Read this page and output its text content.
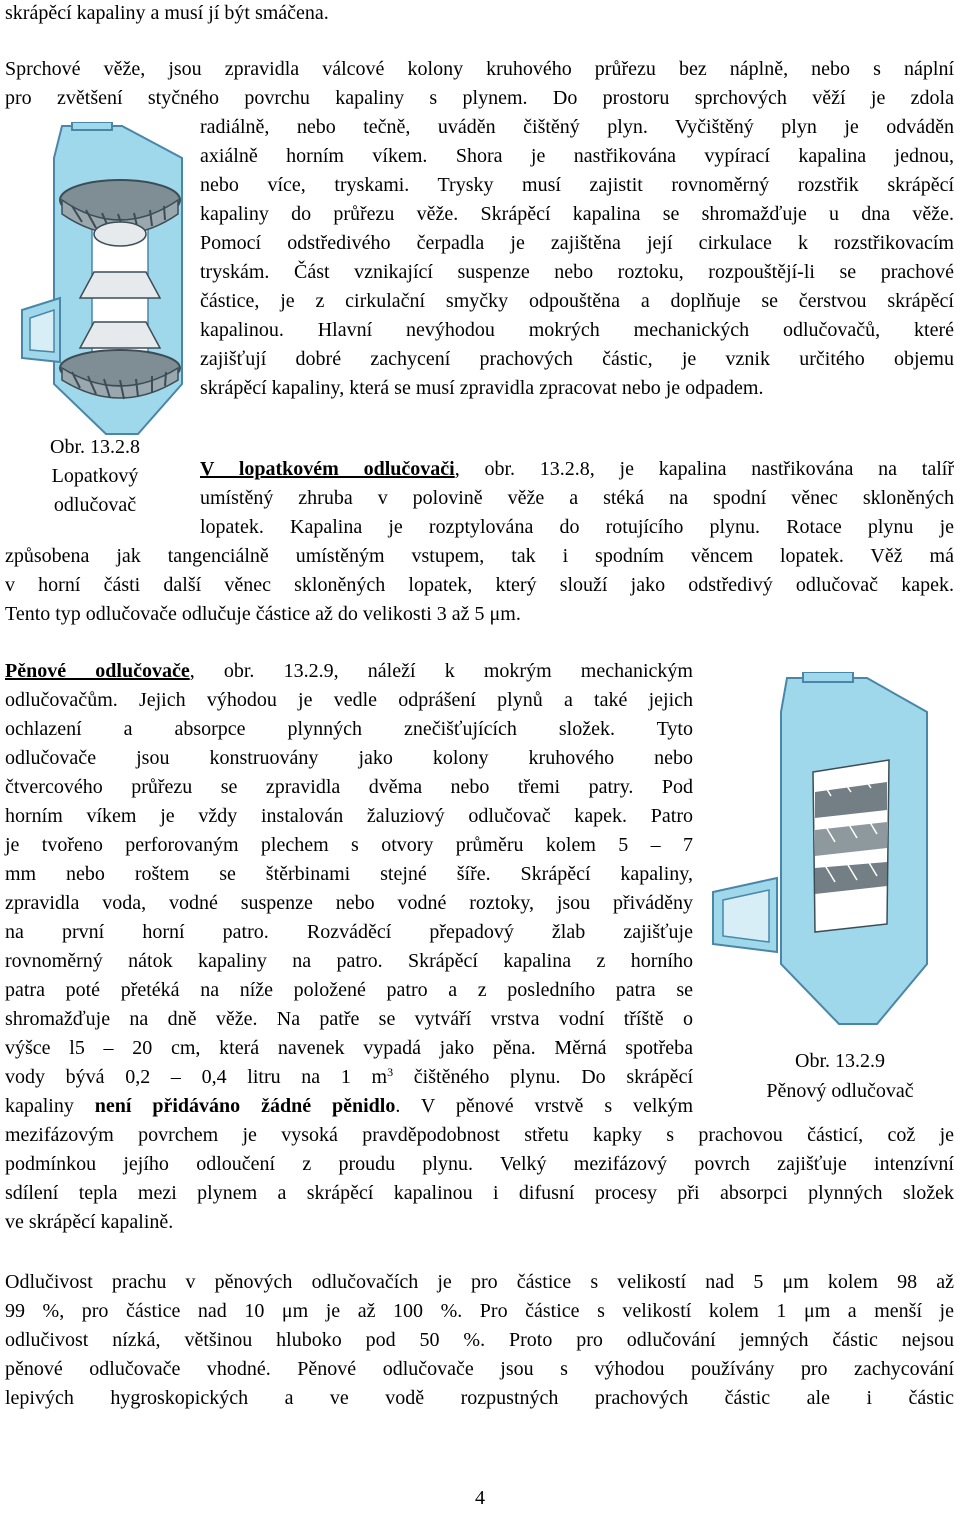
Obr. 13.2.8
Lopatkový
odlučovač
Obr. 13.2.9
Pěnový odlučovač
skrápěcí kapaliny a musí jí být smáčena.
Sprchové věže, jsou zpravidla válcové kolony kruhového průřezu bez náplně, nebo s náplní
pro zvětšení styčného povrchu kapaliny s plynem. Do prostoru sprchových věží je zdola
radiálně, nebo tečně, uváděn čištěný plyn. Vyčištěný plyn je odváděn
axiálně horním víkem. Shora je nastřikována vypírací kapalina jednou,
nebo více, tryskami. Trysky musí zajistit rovnoměrný rozstřik skrápěcí
kapaliny do průřezu věže. Skrápěcí kapalina se shromažďuje u dna věže.
Pomocí odstředivého čerpadla je zajištěna její cirkulace k rozstřikovacím
tryskám. Část vznikající suspenze nebo roztoku, rozpouštějí-li se prachové
částice, je z cirkulační smyčky odpouštěna a doplňuje se čerstvou skrápěcí
kapalinou. Hlavní nevýhodou mokrých mechanických odlučovačů, které
zajišťují dobré zachycení prachových částic, je vznik určitého objemu
skrápěcí kapaliny, která se musí zpravidla zpracovat nebo je odpadem.
V lopatkovém odlučovači, obr. 13.2.8, je kapalina nastřikována na talíř
umístěný zhruba v polovině věže a stéká na spodní věnec skloněných
lopatek. Kapalina je rozptylována do rotujícího plynu. Rotace plynu je
způsobena jak tangenciálně umístěným vstupem, tak i spodním věncem lopatek. Věž má
v horní části další věnec skloněných lopatek, který slouží jako odstředivý odlučovač kapek.
Tento typ odlučovače odlučuje částice až do velikosti 3 až 5 μm.
Pěnové odlučovače, obr. 13.2.9, náleží k mokrým mechanickým
odlučovačům. Jejich výhodou je vedle odprášení plynů a také jejich
ochlazení a absorpce plynných znečišťujících složek. Tyto
odlučovače jsou konstruovány jako kolony kruhového nebo
čtvercového průřezu se zpravidla dvěma nebo třemi patry. Pod
horním víkem je vždy instalován žaluziový odlučovač kapek. Patro
je tvořeno perforovaným plechem s otvory průměru kolem 5 – 7
mm nebo roštem se štěrbinami stejné šíře. Skrápěcí kapaliny,
zpravidla voda, vodné suspenze nebo vodné roztoky, jsou přiváděny
na první horní patro. Rozváděcí přepadový žlab zajišťuje
rovnoměrný nátok kapaliny na patro. Skrápěcí kapalina z horního
patra poté přetéká na níže položené patro a z posledního patra se
shromažďuje na dně věže. Na patře se vytváří vrstva vodní tříště o
výšce l5 – 20 cm, která navenek vypadá jako pěna. Měrná spotřeba
vody bývá 0,2 – 0,4 litru na 1 $m^3$ čištěného plynu. Do skrápěcí
kapaliny není přidáváno žádné pěnidlo. V pěnové vrstvě s velkým
mezifázovým povrchem je vysoká pravděpodobnost střetu kapky s prachovou částicí, což je
podmínkou jejího odloučení z proudu plynu. Velký mezifázový povrch zajišťuje intenzívní
sdílení tepla mezi plynem a skrápěcí kapalinou i difusní procesy při absorpci plynných složek
ve skrápěcí kapalině.
Odlučivost prachu v pěnových odlučovačích je pro částice s velikostí nad 5 μm kolem 98 až
99 %, pro částice nad 10 μm je až 100 %. Pro částice s velikostí kolem 1 μm a menší je
odlučivost nízká, většinou hluboko pod 50 %. Proto pro odlučování jemných částic nejsou
pěnové odlučovače vhodné. Pěnové odlučovače jsou s výhodou používány pro zachycování
lepivých hygroskopických a ve vodě rozpustných prachových částic ale i částic
4
